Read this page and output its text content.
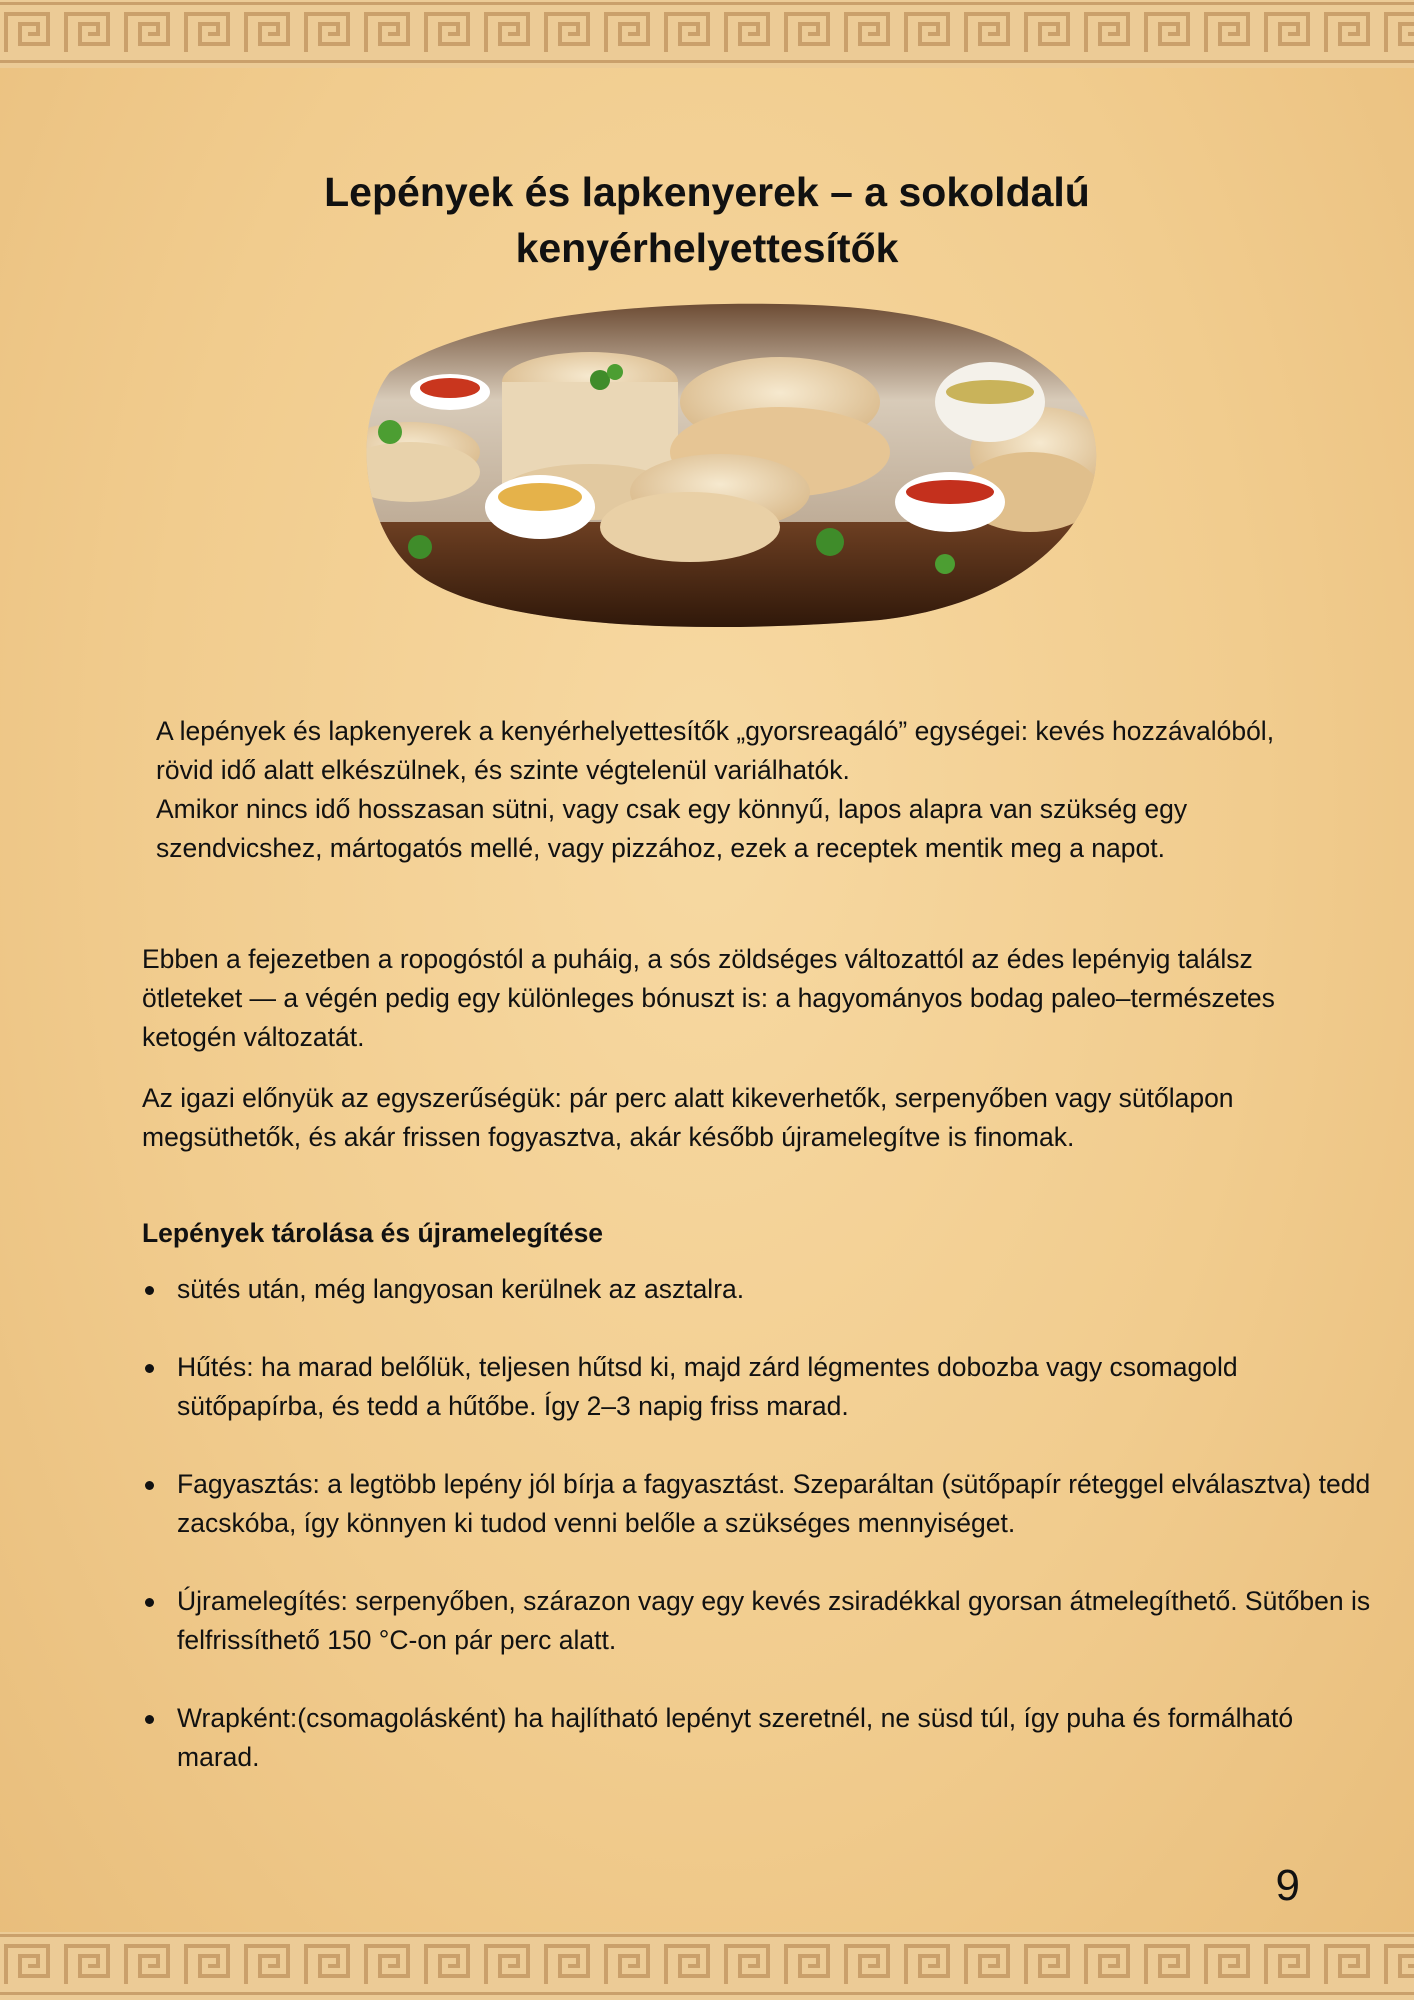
Lepények és lapkenyerek – a sokoldalú kenyérhelyettesítők

A lepények és lapkenyerek a kenyérhelyettesítők „gyorsreagáló” egységei: kevés hozzávalóból, rövid idő alatt elkészülnek, és szinte végtelenül variálhatók.
Amikor nincs idő hosszasan sütni, vagy csak egy könnyű, lapos alapra van szükség egy szendvicshez, mártogatós mellé, vagy pizzához, ezek a receptek mentik meg a napot.

Ebben a fejezetben a ropogóstól a puháig, a sós zöldséges változattól az édes lepényig találsz ötleteket — a végén pedig egy különleges bónuszt is: a hagyományos bodag paleo–természetes ketogén változatát.

Az igazi előnyük az egyszerűségük: pár perc alatt kikeverhetők, serpenyőben vagy sütőlapon megsüthetők, és akár frissen fogyasztva, akár később újramelegítve is finomak.

Lepények tárolása és újramelegítése
sütés után, még langyosan kerülnek az asztalra.
Hűtés: ha marad belőlük, teljesen hűtsd ki, majd zárd légmentes dobozba vagy csomagold sütőpapírba, és tedd a hűtőbe. Így 2–3 napig friss marad.
Fagyasztás: a legtöbb lepény jól bírja a fagyasztást. Szeparáltan (sütőpapír réteggel elválasztva) tedd zacskóba, így könnyen ki tudod venni belőle a szükséges mennyiséget.
Újramelegítés: serpenyőben, szárazon vagy egy kevés zsiradékkal gyorsan átmelegíthető. Sütőben is felfrissíthető 150 °C-on pár perc alatt.
Wrapként:(csomagolásként) ha hajlítható lepényt szeretnél, ne süsd túl, így puha és formálható marad.
9
